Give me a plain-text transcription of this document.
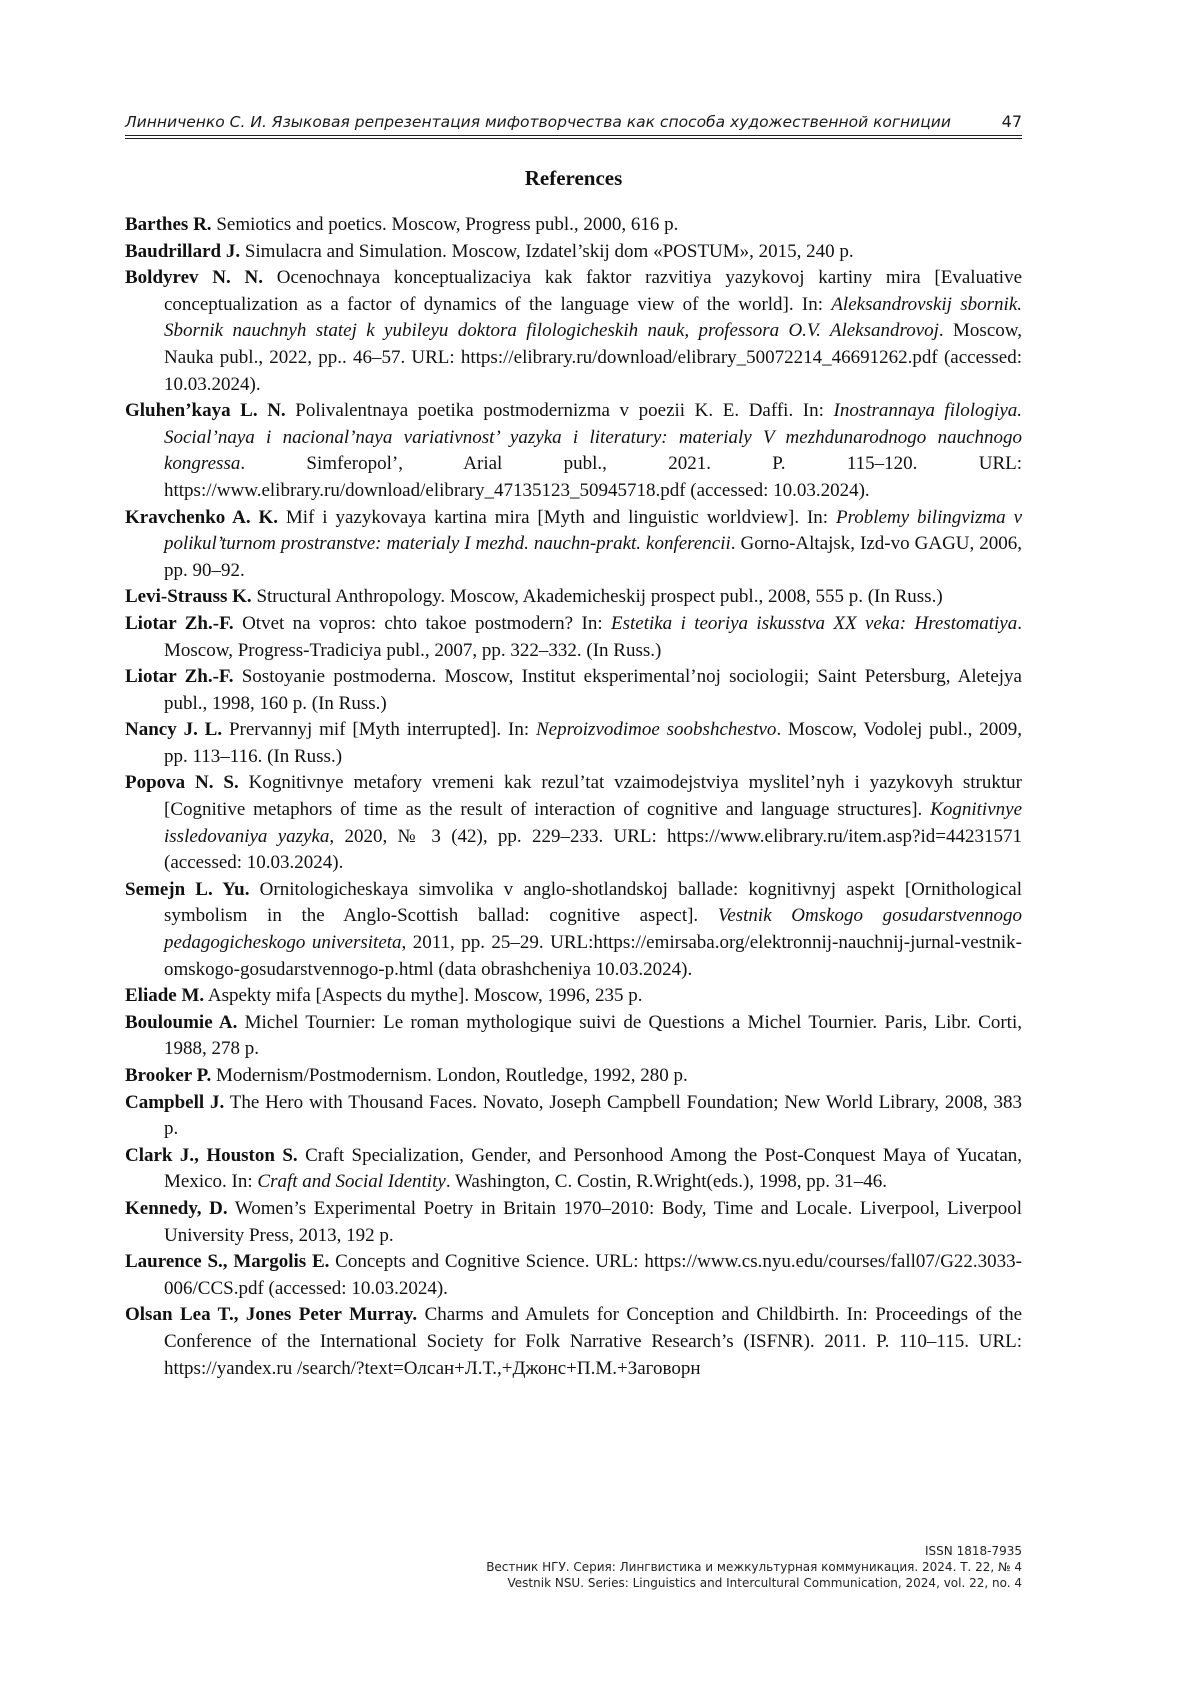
Линниченко С. И. Языковая репрезентация мифотворчества как способа художественной когниции	47
References

Barthes R. Semiotics and poetics. Moscow, Progress publ., 2000, 616 p.

Baudrillard J. Simulacra and Simulation. Moscow, Izdatel’skij dom «POSTUM», 2015, 240 p.

Boldyrev N. N. Ocenochnaya konceptualizaciya kak faktor razvitiya yazykovoj kartiny mira [Evaluative conceptualization as a factor of dynamics of the language view of the world]. In: Aleksandrovskij sbornik. Sbornik nauchnyh statej k yubileyu doktora filologicheskih nauk, professora O.V. Aleksandrovoj. Moscow, Nauka publ., 2022, pp.. 46–57. URL: https://elibrary.ru/download/elibrary_50072214_46691262.pdf (accessed: 10.03.2024).

Gluhen’kaya L. N. Polivalentnaya poetika postmodernizma v poezii K. E. Daffi. In: Inostrannaya filologiya. Social’naya i nacional’naya variativnost’ yazyka i literatury: materialy V mezhdunarodnogo nauchnogo kongressa. Simferopol’, Arial publ., 2021. P. 115–120. URL: https://www.elibrary.ru/download/elibrary_47135123_50945718.pdf (accessed: 10.03.2024).

Kravchenko A. K. Mif i yazykovaya kartina mira [Myth and linguistic worldview]. In: Problemy bilingvizma v polikul’turnom prostranstve: materialy I mezhd. nauchn-prakt. konferencii. Gorno-Altajsk, Izd-vo GAGU, 2006, pp. 90–92.

Levi-Strauss K. Structural Anthropology. Moscow, Akademicheskij prospect publ., 2008, 555 p. (In Russ.)

Liotar Zh.-F. Otvet na vopros: chto takoe postmodern? In: Estetika i teoriya iskusstva XX veka: Hrestomatiya. Moscow, Progress-Tradiciya publ., 2007, pp. 322–332. (In Russ.)

Liotar Zh.-F. Sostoyanie postmoderna. Moscow, Institut eksperimental’noj sociologii; Saint Petersburg, Aletejya publ., 1998, 160 p. (In Russ.)

Nancy J. L. Prervannyj mif [Myth interrupted]. In: Neproizvodimoe soobshchestvo. Moscow, Vodolej publ., 2009, pp. 113–116. (In Russ.)

Popova N. S. Kognitivnye metafory vremeni kak rezul’tat vzaimodejstviya myslitel’nyh i yazykovyh struktur [Cognitive metaphors of time as the result of interaction of cognitive and language structures]. Kognitivnye issledovaniya yazyka, 2020, № 3 (42), pp. 229–233. URL: https://www.elibrary.ru/item.asp?id=44231571 (accessed: 10.03.2024).

Semejn L. Yu. Ornitologicheskaya simvolika v anglo-shotlandskoj ballade: kognitivnyj aspekt [Ornithological symbolism in the Anglo-Scottish ballad: cognitive aspect]. Vestnik Omskogo gosudarstvennogo pedagogicheskogo universiteta, 2011, pp. 25–29. URL:https://emirsaba.org/elektronnij-nauchnij-jurnal-vestnik-omskogo-gosudarstvennogo-p.html (data obrashcheniya 10.03.2024).

Eliade M. Aspekty mifa [Aspects du mythe]. Moscow, 1996, 235 p.

Bouloumie A. Michel Tournier: Le roman mythologique suivi de Questions a Michel Tournier. Paris, Libr. Corti, 1988, 278 p.

Brooker P. Modernism/Postmodernism. London, Routledge, 1992, 280 p.

Campbell J. The Hero with Thousand Faces. Novato, Joseph Campbell Foundation; New World Library, 2008, 383 p.

Clark J., Houston S. Craft Specialization, Gender, and Personhood Among the Post-Conquest Maya of Yucatan, Mexico. In: Craft and Social Identity. Washington, C. Costin, R.Wright(eds.), 1998, pp. 31–46.

Kennedy, D. Women’s Experimental Poetry in Britain 1970–2010: Body, Time and Locale. Liverpool, Liverpool University Press, 2013, 192 p.

Laurence S., Margolis E. Concepts and Cognitive Science. URL: https://www.cs.nyu.edu/courses/fall07/G22.3033-006/CCS.pdf (accessed: 10.03.2024).

Olsan Lea T., Jones Peter Murray. Charms and Amulets for Conception and Childbirth. In: Proceedings of the Conference of the International Society for Folk Narrative Research’s (ISFNR). 2011. P. 110–115. URL: https://yandex.ru /search/?text=Олсан+Л.Т.,+Джонс+П.М.+Заговорн

ISSN 1818-7935
Вестник НГУ. Серия: Лингвистика и межкультурная коммуникация. 2024. Т. 22, № 4
Vestnik NSU. Series: Linguistics and Intercultural Communication, 2024, vol. 22, no. 4
